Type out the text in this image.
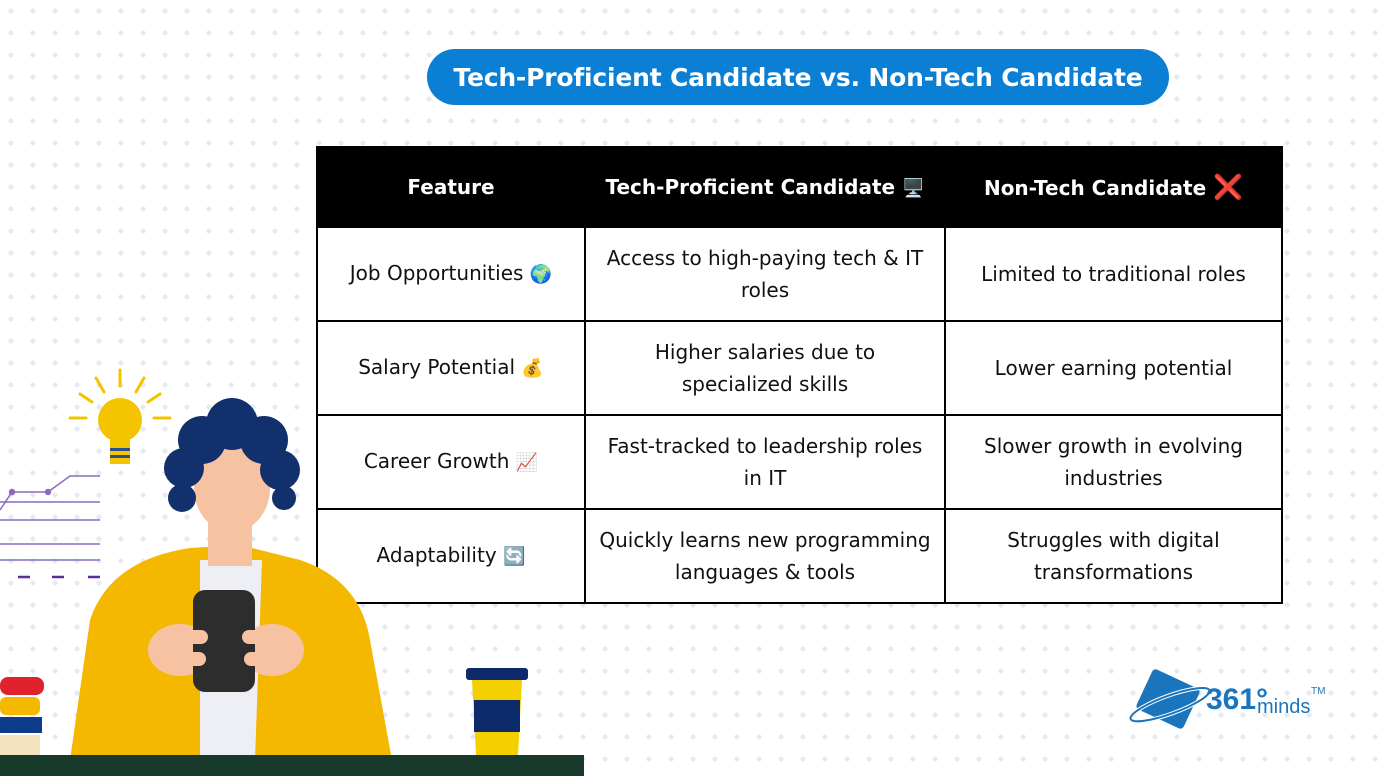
Tech-Proficient Candidate vs. Non-Tech Candidate
Feature	Tech-Proficient Candidate 🖥️	Non-Tech Candidate ❌
Job Opportunities 🌍	Access to high-paying tech & IT roles	Limited to traditional roles
Salary Potential 💰	Higher salaries due to specialized skills	Lower earning potential
Career Growth 📈	Fast-tracked to leadership roles in IT	Slower growth in evolving industries
Adaptability 🔄	Quickly learns new programming languages & tools	Struggles with digital transformations
361°
minds
TM
